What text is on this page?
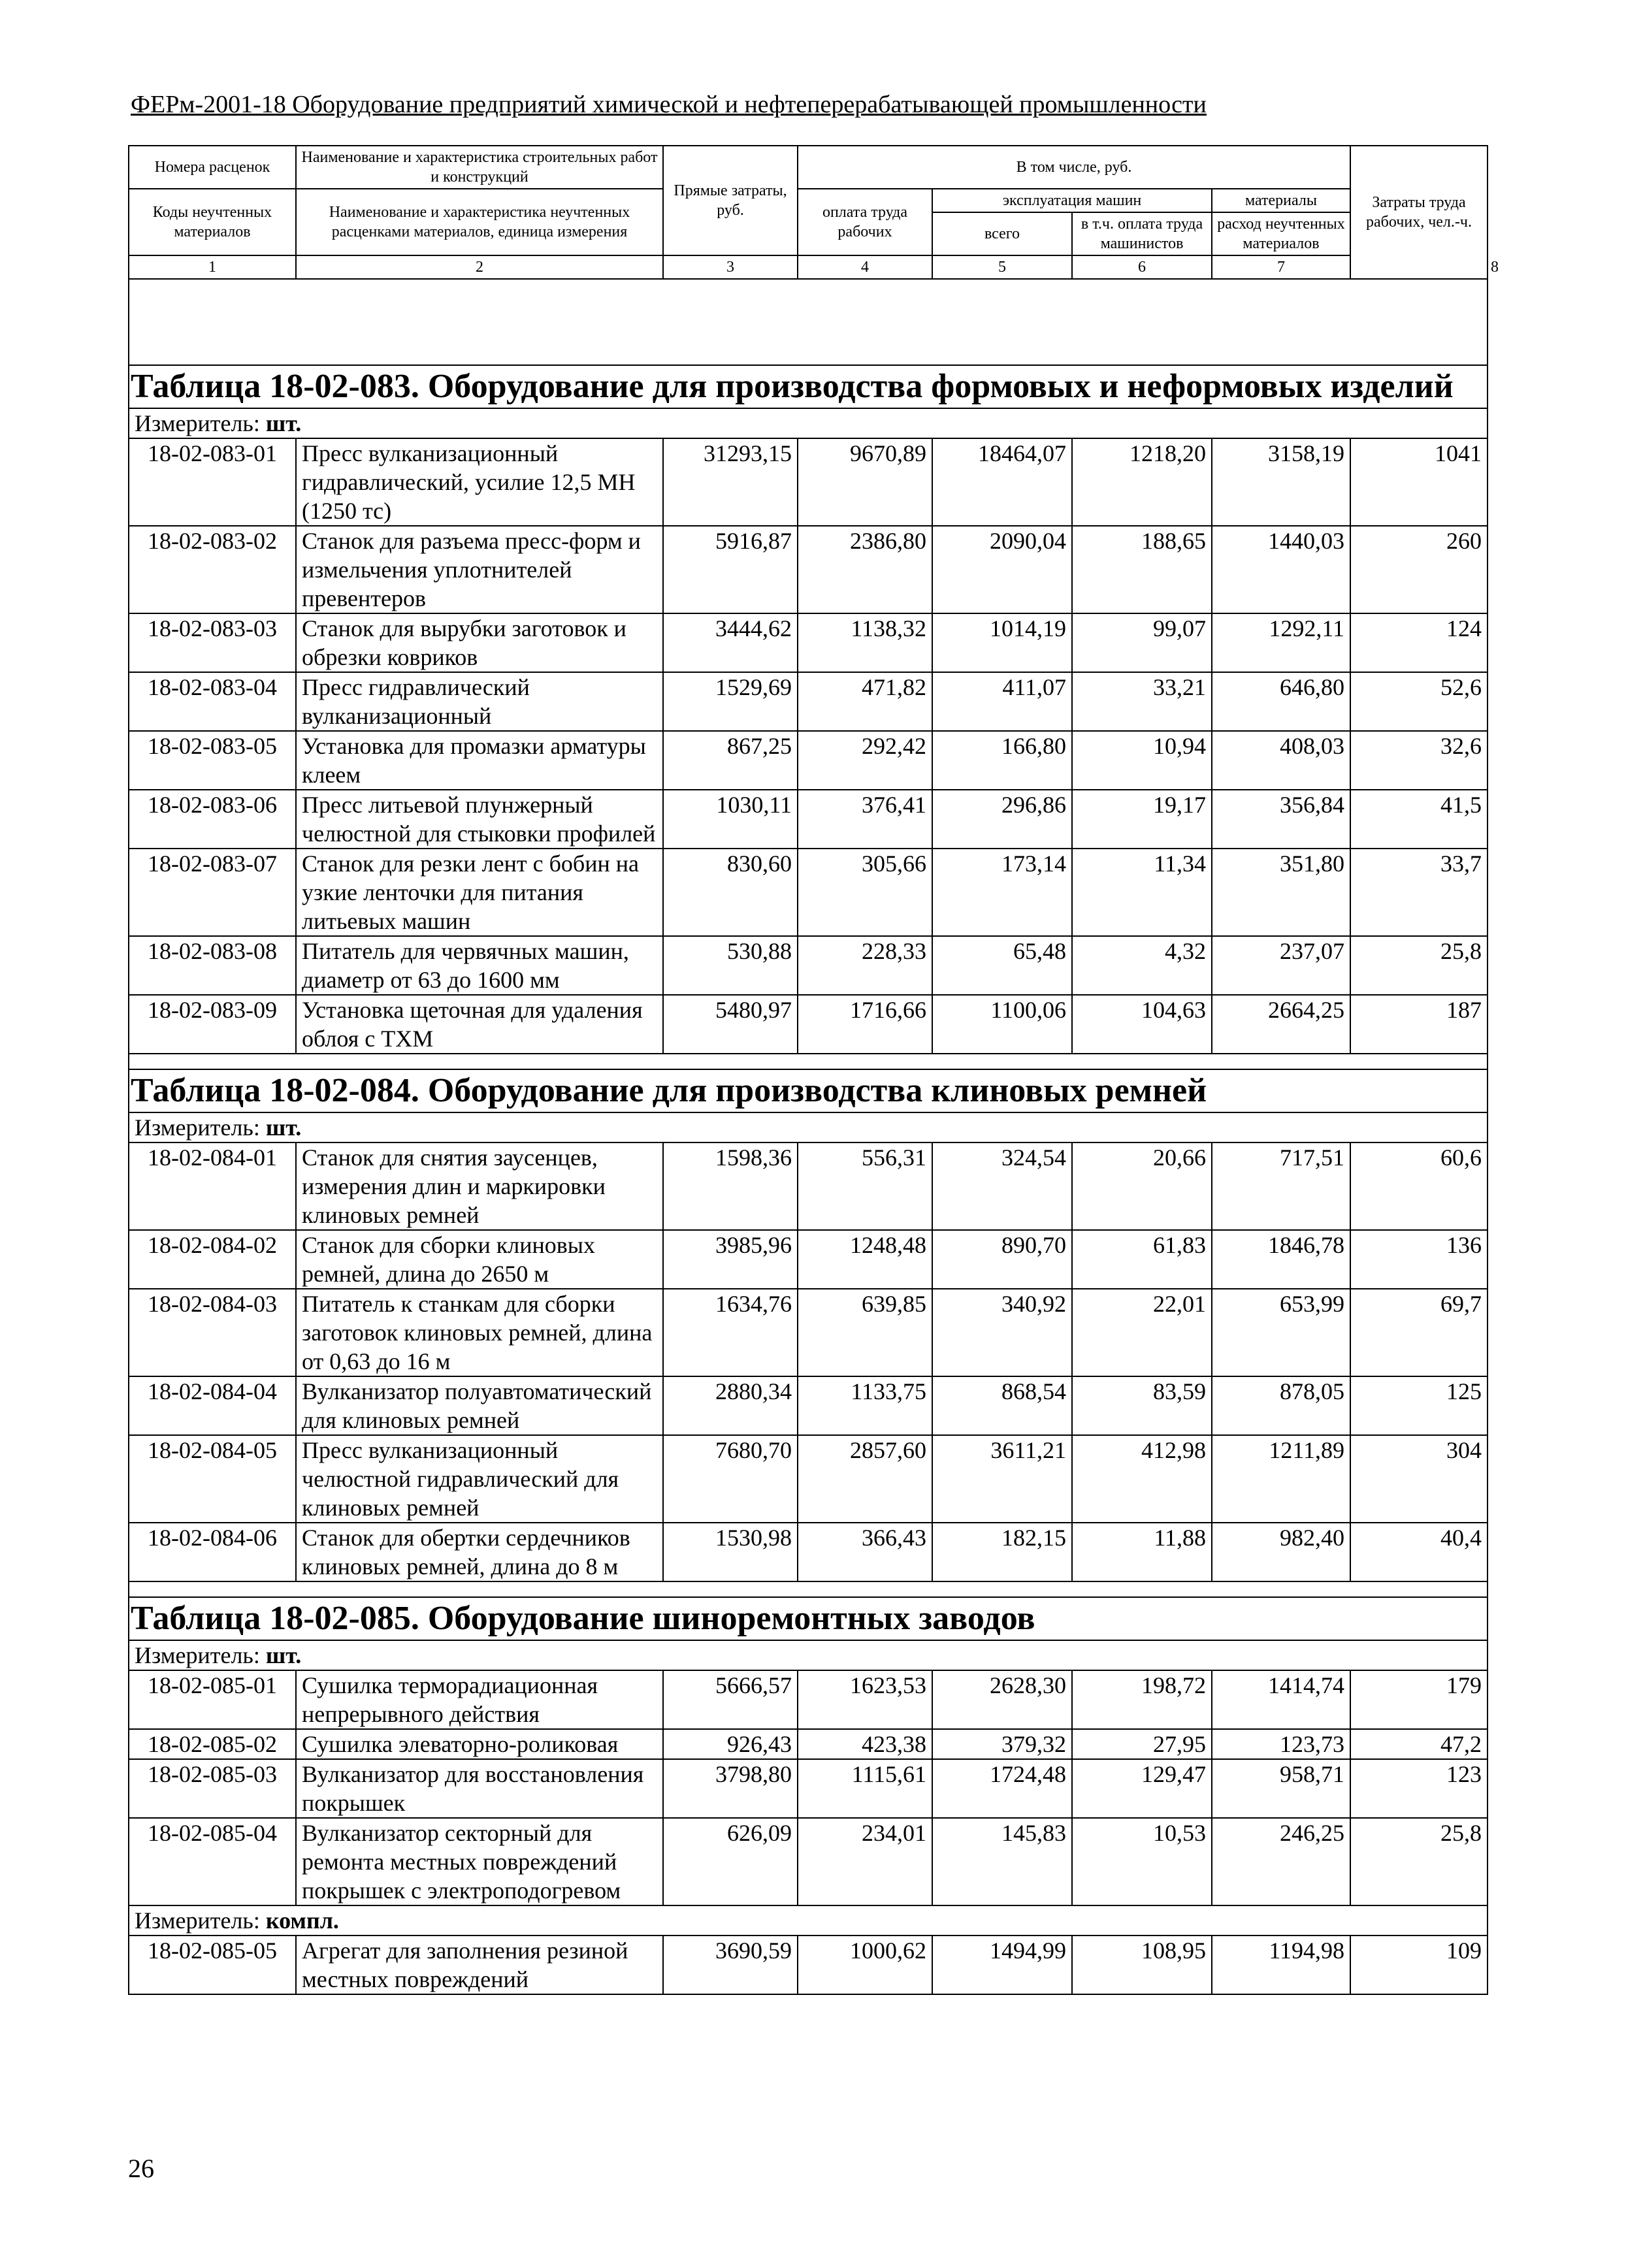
ФЕРм-2001-18 Оборудование предприятий химической и нефтеперерабатывающей промышленности
Номера расценок	Наименование и характеристика строительных работ и конструкций	Прямые затраты, руб.	В том числе, руб.				Затраты труда рабочих, чел.-ч.	
Коды неучтенных материалов	Наименование и характеристика неучтенных расценками материалов, единица измерения		оплата труда рабочих	эксплуатация машин		материалы		
				всего	в т.ч. оплата труда машинистов	расход неучтенных материалов		
1	2	3	4	5	6	7		8

Таблица 18-02-083. Оборудование для производства формовых и неформовых изделий								

Измеритель: шт.								
18-02-083-01	Пресс вулканизационный гидравлический, усилие 12,5 МН (1250 тс)	31293,15	9670,89	18464,07	1218,20	3158,19	1041	
18-02-083-02	Станок для разъема пресс-форм и измельчения уплотнителей превентеров	5916,87	2386,80	2090,04	188,65	1440,03	260	
18-02-083-03	Станок для вырубки заготовок и обрезки ковриков	3444,62	1138,32	1014,19	99,07	1292,11	124	
18-02-083-04	Пресс гидравлический вулканизационный	1529,69	471,82	411,07	33,21	646,80	52,6	
18-02-083-05	Установка для промазки арматуры клеем	867,25	292,42	166,80	10,94	408,03	32,6	
18-02-083-06	Пресс литьевой плунжерный челюстной для стыковки профилей	1030,11	376,41	296,86	19,17	356,84	41,5	
18-02-083-07	Станок для резки лент с бобин на узкие ленточки для питания литьевых машин	830,60	305,66	173,14	11,34	351,80	33,7	
18-02-083-08	Питатель для червячных машин, диаметр от 63 до 1600 мм	530,88	228,33	65,48	4,32	237,07	25,8	
18-02-083-09	Установка щеточная для удаления облоя с ТХМ	5480,97	1716,66	1100,06	104,63	2664,25	187	

Таблица 18-02-084. Оборудование для производства клиновых ремней								

Измеритель: шт.								
18-02-084-01	Станок для снятия заусенцев, измерения длин и маркировки клиновых ремней	1598,36	556,31	324,54	20,66	717,51	60,6	
18-02-084-02	Станок для сборки клиновых ремней, длина до 2650 м	3985,96	1248,48	890,70	61,83	1846,78	136	
18-02-084-03	Питатель к станкам для сборки заготовок клиновых ремней, длина от 0,63 до 16 м	1634,76	639,85	340,92	22,01	653,99	69,7	
18-02-084-04	Вулканизатор полуавтоматический для клиновых ремней	2880,34	1133,75	868,54	83,59	878,05	125	
18-02-084-05	Пресс вулканизационный челюстной гидравлический для клиновых ремней	7680,70	2857,60	3611,21	412,98	1211,89	304	
18-02-084-06	Станок для обертки сердечников клиновых ремней, длина до 8 м	1530,98	366,43	182,15	11,88	982,40	40,4	

Таблица 18-02-085. Оборудование шиноремонтных заводов								

Измеритель: шт.								
18-02-085-01	Сушилка терморадиационная непрерывного действия	5666,57	1623,53	2628,30	198,72	1414,74	179	
18-02-085-02	Сушилка элеваторно-роликовая	926,43	423,38	379,32	27,95	123,73	47,2	
18-02-085-03	Вулканизатор для восстановления покрышек	3798,80	1115,61	1724,48	129,47	958,71	123	
18-02-085-04	Вулканизатор секторный для ремонта местных повреждений покрышек с электроподогревом	626,09	234,01	145,83	10,53	246,25	25,8	
Измеритель: компл.								
18-02-085-05	Агрегат для заполнения резиной местных повреждений	3690,59	1000,62	1494,99	108,95	1194,98	109	
26
